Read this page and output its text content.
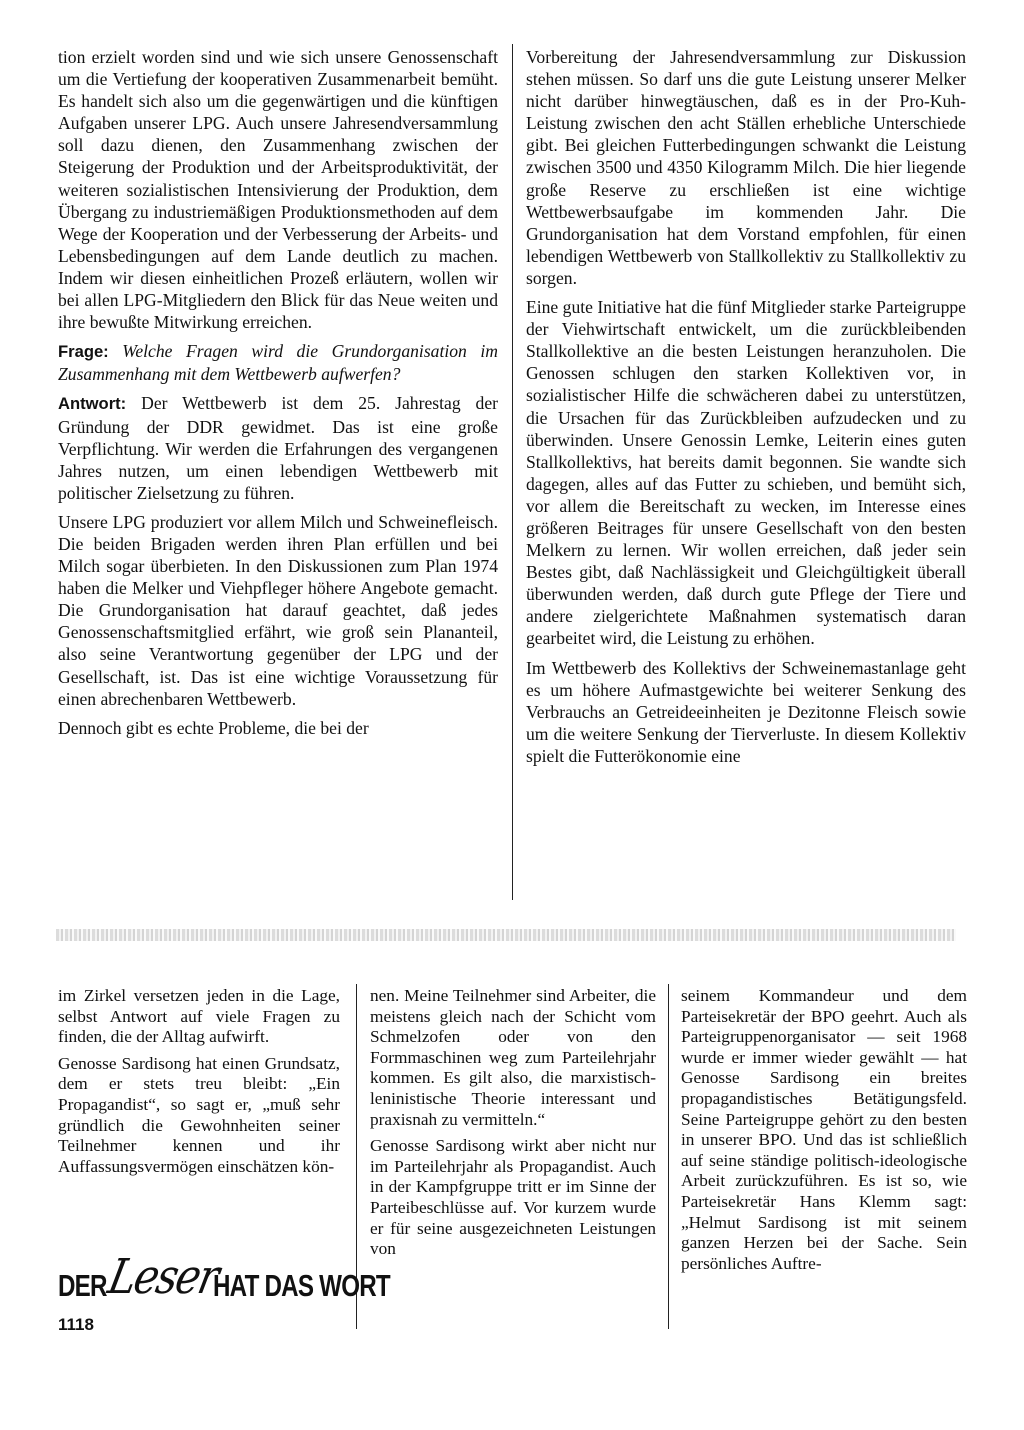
tion erzielt worden sind und wie sich unsere Genossenschaft um die Vertiefung der kooperativen Zusammenarbeit bemüht. Es handelt sich also um die gegenwärtigen und die künftigen Aufgaben unserer LPG. Auch unsere Jahresendversammlung soll dazu dienen, den Zusammenhang zwischen der Steigerung der Produktion und der Arbeitsproduktivität, der weiteren sozialistischen Intensivierung der Produktion, dem Übergang zu industriemäßigen Produktionsmethoden auf dem Wege der Kooperation und der Verbesserung der Arbeits- und Lebensbedingungen auf dem Lande deutlich zu machen. Indem wir diesen einheitlichen Prozeß erläutern, wollen wir bei allen LPG-Mitgliedern den Blick für das Neue weiten und ihre bewußte Mitwirkung erreichen.

Frage: Welche Fragen wird die Grundorganisation im Zusammenhang mit dem Wettbewerb aufwerfen?

Antwort: Der Wettbewerb ist dem 25. Jahrestag der Gründung der DDR gewidmet. Das ist eine große Verpflichtung. Wir werden die Erfahrungen des vergangenen Jahres nutzen, um einen lebendigen Wettbewerb mit politischer Zielsetzung zu führen.

Unsere LPG produziert vor allem Milch und Schweinefleisch. Die beiden Brigaden werden ihren Plan erfüllen und bei Milch sogar überbieten. In den Diskussionen zum Plan 1974 haben die Melker und Viehpfleger höhere Angebote gemacht. Die Grundorganisation hat darauf geachtet, daß jedes Genossenschaftsmitglied erfährt, wie groß sein Plananteil, also seine Verantwortung gegenüber der LPG und der Gesellschaft, ist. Das ist eine wichtige Voraussetzung für einen abrechenbaren Wettbewerb.

Dennoch gibt es echte Probleme, die bei der

Vorbereitung der Jahresendversammlung zur Diskussion stehen müssen. So darf uns die gute Leistung unserer Melker nicht darüber hinwegtäuschen, daß es in der Pro-Kuh-Leistung zwischen den acht Ställen erhebliche Unterschiede gibt. Bei gleichen Futterbedingungen schwankt die Leistung zwischen 3500 und 4350 Kilogramm Milch. Die hier liegende große Reserve zu erschließen ist eine wichtige Wettbewerbsaufgabe im kommenden Jahr. Die Grundorganisation hat dem Vorstand empfohlen, für einen lebendigen Wettbewerb von Stallkollektiv zu Stallkollektiv zu sorgen.

Eine gute Initiative hat die fünf Mitglieder starke Parteigruppe der Viehwirtschaft entwickelt, um die zurückbleibenden Stallkollektive an die besten Leistungen heranzuholen. Die Genossen schlugen den starken Kollektiven vor, in sozialistischer Hilfe die schwächeren dabei zu unterstützen, die Ursachen für das Zurückbleiben aufzudecken und zu überwinden. Unsere Genossin Lemke, Leiterin eines guten Stallkollektivs, hat bereits damit begonnen. Sie wandte sich dagegen, alles auf das Futter zu schieben, und bemüht sich, vor allem die Bereitschaft zu wecken, im Interesse eines größeren Beitrages für unsere Gesellschaft von den besten Melkern zu lernen. Wir wollen erreichen, daß jeder sein Bestes gibt, daß Nachlässigkeit und Gleichgültigkeit überall überwunden werden, daß durch gute Pflege der Tiere und andere zielgerichtete Maßnahmen systematisch daran gearbeitet wird, die Leistung zu erhöhen.

Im Wettbewerb des Kollektivs der Schweinemastanlage geht es um höhere Aufmastgewichte bei weiterer Senkung des Verbrauchs an Getreideeinheiten je Dezitonne Fleisch sowie um die weitere Senkung der Tierverluste. In diesem Kollektiv spielt die Futterökonomie eine

im Zirkel versetzen jeden in die Lage, selbst Antwort auf viele Fragen zu finden, die der Alltag aufwirft.

Genosse Sardisong hat einen Grundsatz, dem er stets treu bleibt: „Ein Propagandist“, so sagt er, „muß sehr gründlich die Gewohnheiten seiner Teilnehmer kennen und ihr Auffassungsvermögen einschätzen kön-

nen. Meine Teilnehmer sind Arbeiter, die meistens gleich nach der Schicht vom Schmelzofen oder von den Formmaschinen weg zum Parteilehrjahr kommen. Es gilt also, die marxistisch-leninistische Theorie interessant und praxisnah zu vermitteln.“

Genosse Sardisong wirkt aber nicht nur im Parteilehrjahr als Propagandist. Auch in der Kampfgruppe tritt er im Sinne der Parteibeschlüsse auf. Vor kurzem wurde er für seine ausgezeichneten Leistungen von

seinem Kommandeur und dem Parteisekretär der BPO geehrt. Auch als Parteigruppenorganisator — seit 1968 wurde er immer wieder gewählt — hat Genosse Sardisong ein breites propagandistisches Betätigungsfeld. Seine Parteigruppe gehört zu den besten in unserer BPO. Und das ist schließlich auf seine ständige politisch-ideologische Arbeit zurückzuführen. Es ist so, wie Parteisekretär Hans Klemm sagt: „Helmut Sardisong ist mit seinem ganzen Herzen bei der Sache. Sein persönliches Auftre-

DER
Leser
HAT DAS WORT
1118
